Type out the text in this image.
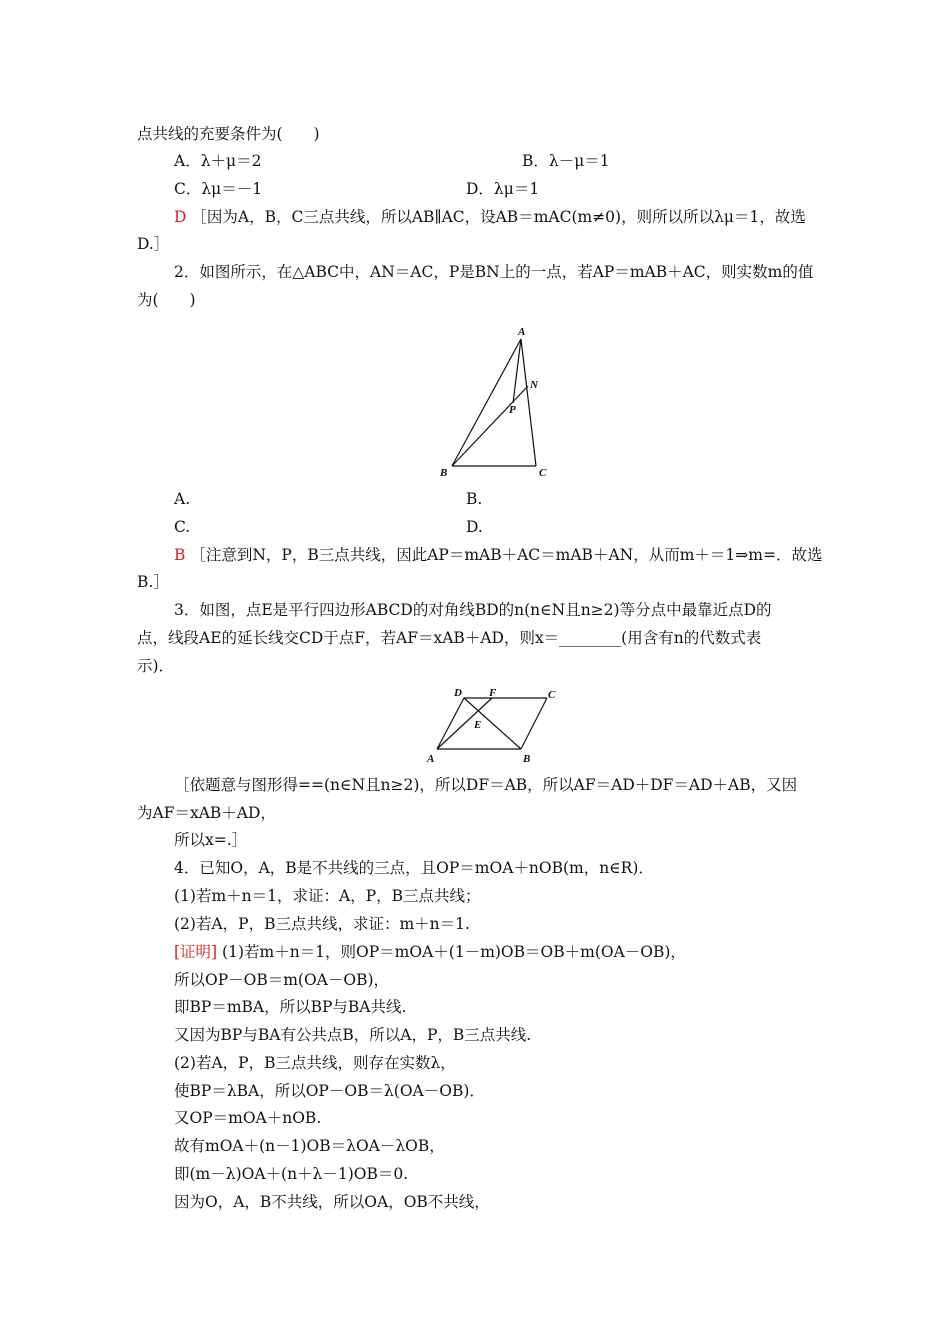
点共线的充要条件为(　　)
A．λ＋μ＝2	B．λ－μ＝1
C．λμ＝－1	D．λμ＝1
D ［因为A，B，C三点共线，所以AB∥AC，设AB＝mAC(m≠0)，则所以所以λμ＝1，故选
D.］
2．如图所示，在△ABC中，AN＝AC，P是BN上的一点，若AP＝mAB＋AC，则实数m的值
为(　　)
A
B	C
N
P
A.	B.
C.	D.
B ［注意到N，P，B三点共线，因此AP＝mAB＋AC＝mAB＋AN，从而m＋＝1⇒m=．故选
B.］
3．如图，点E是平行四边形ABCD的对角线BD的n(n∈N且n≥2)等分点中最靠近点D的
点，线段AE的延长线交CD于点F，若AF＝xAB＋AD，则x＝________(用含有n的代数式表
示)．
D F	C
E
A	B
［依题意与图形得==(n∈N且n≥2)，所以DF＝AB，所以AF＝AD＋DF＝AD＋AB，又因
为AF＝xAB＋AD，
所以x=.］
4．已知O，A，B是不共线的三点，且OP＝mOA＋nOB(m，n∈R)．
(1)若m＋n＝1，求证：A，P，B三点共线；
(2)若A，P，B三点共线，求证：m＋n＝1.
[证明] (1)若m＋n＝1，则OP＝mOA＋(1－m)OB＝OB＋m(OA－OB)，
所以OP－OB＝m(OA－OB)，
即BP＝mBA，所以BP与BA共线.
又因为BP与BA有公共点B，所以A，P，B三点共线.
(2)若A，P，B三点共线，则存在实数λ，
使BP＝λBA，所以OP－OB＝λ(OA－OB)．
又OP＝mOA＋nOB.
故有mOA＋(n－1)OB＝λOA－λOB，
即(m－λ)OA＋(n＋λ－1)OB＝0.
因为O，A，B不共线，所以OA，OB不共线，
